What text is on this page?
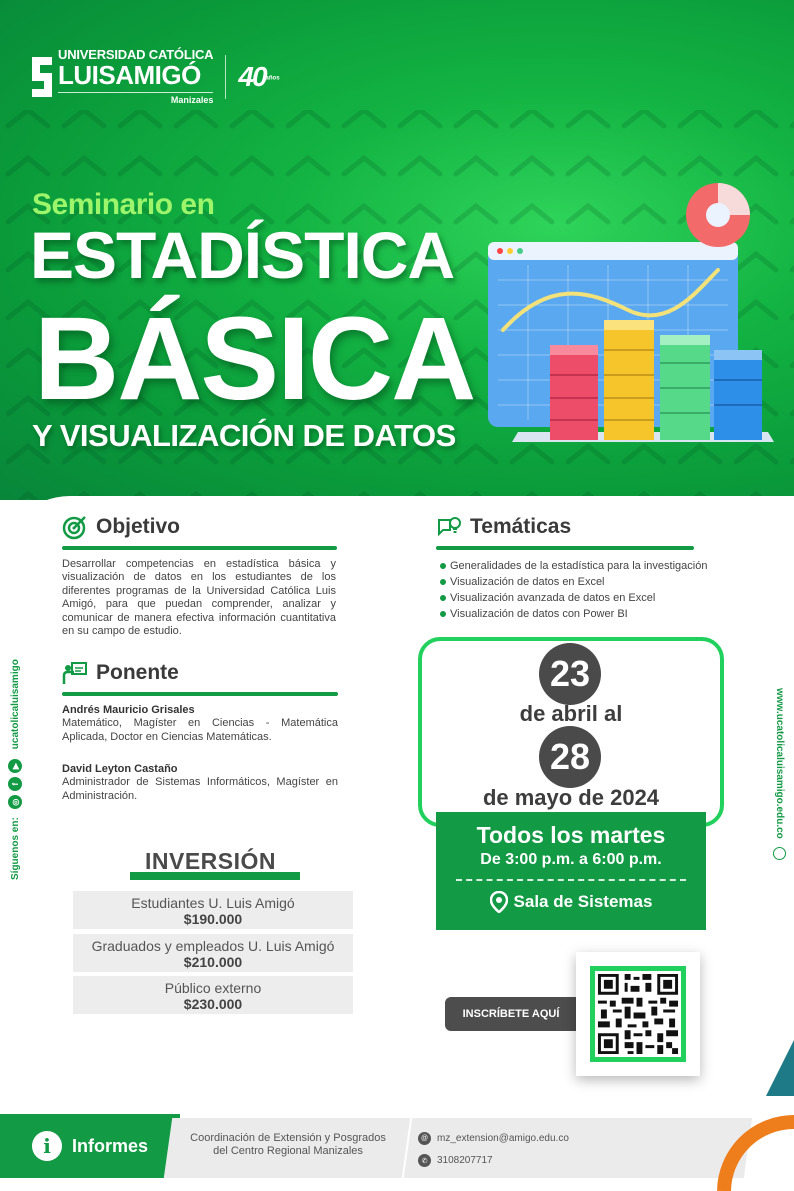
UNIVERSIDAD CATÓLICA
LUISAMIGÓ
Manizales
40años
Seminario en
ESTADÍSTICA
BÁSICA
Y VISUALIZACIÓN DE DATOS
Objetivo
Desarrollar competencias en estadística básica y visualización de datos en los estudiantes de los diferentes programas de la Universidad Católica Luis Amigó, para que puedan comprender, analizar y comunicar de manera efectiva información cuantitativa en su campo de estudio.
Temáticas
Generalidades de la estadística para la investigación
Visualización de datos en Excel
Visualización avanzada de datos en Excel
Visualización de datos con Power BI
Ponente
Andrés Mauricio Grisales
Matemático, Magíster en Ciencias - Matemática Aplicada, Doctor en Ciencias Matemáticas.
David Leyton Castaño
Administrador de Sistemas Informáticos, Magíster en Administración.
23
de abril al
28
de mayo de 2024
Todos los martes
De 3:00 p.m. a 6:00 p.m.
Sala de Sistemas
INVERSIÓN
Estudiantes U. Luis Amigó
$190.000
Graduados y empleados U. Luis Amigó
$210.000
Público externo
$230.000
Síguenos en:
◎
f
▶
ucatolicaluisamigo	www.ucatolicaluisamigo.edu.co
INSCRÍBETE AQUÍ
i	Informes	Coordinación de Extensión y Posgrados del Centro Regional Manizales
@ mz_extension@amigo.edu.co
✆ 3108207717
